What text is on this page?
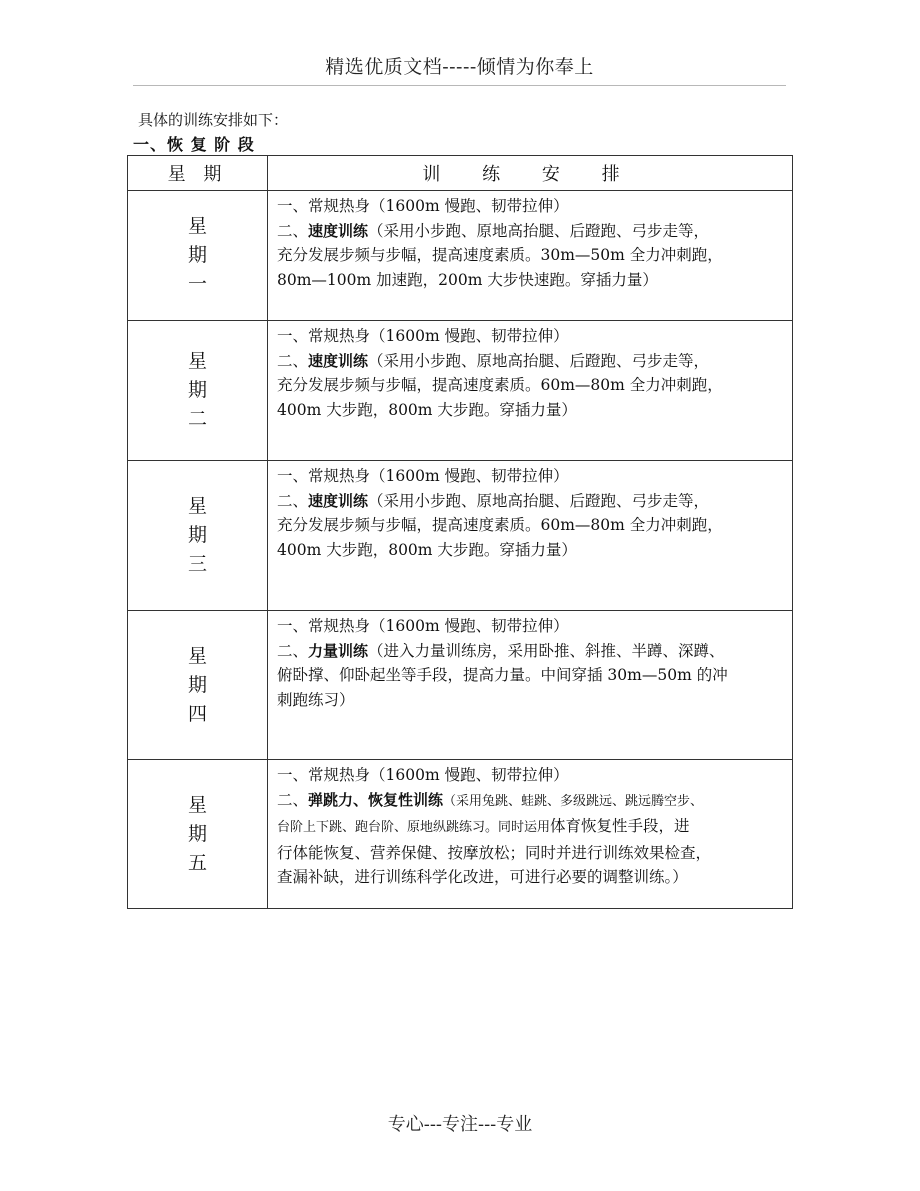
精选优质文档-----倾情为你奉上
具体的训练安排如下：
一、恢 复 阶 段
星 期	训 练 安 排

星
期
一	一、常规热身（1600m 慢跑、韧带拉伸）
二、速度训练（采用小步跑、原地高抬腿、后蹬跑、弓步走等，
充分发展步频与步幅，提高速度素质。30m—50m 全力冲刺跑，
80m—100m 加速跑，200m 大步快速跑。穿插力量）

星
期
二	一、常规热身（1600m 慢跑、韧带拉伸）
二、速度训练（采用小步跑、原地高抬腿、后蹬跑、弓步走等，
充分发展步频与步幅，提高速度素质。60m—80m 全力冲刺跑，
400m 大步跑，800m 大步跑。穿插力量）

星
期
三	一、常规热身（1600m 慢跑、韧带拉伸）
二、速度训练（采用小步跑、原地高抬腿、后蹬跑、弓步走等，
充分发展步频与步幅，提高速度素质。60m—80m 全力冲刺跑，
400m 大步跑，800m 大步跑。穿插力量）

星
期
四	一、常规热身（1600m 慢跑、韧带拉伸）
二、力量训练（进入力量训练房，采用卧推、斜推、半蹲、深蹲、
俯卧撑、仰卧起坐等手段，提高力量。中间穿插 30m—50m 的冲
刺跑练习）

星
期
五	一、常规热身（1600m 慢跑、韧带拉伸）
二、弹跳力、恢复性训练（采用兔跳、蛙跳、多级跳远、跳远腾空步、
台阶上下跳、跑台阶、原地纵跳练习。同时运用体育恢复性手段，进
行体能恢复、营养保健、按摩放松；同时并进行训练效果检查，
查漏补缺，进行训练科学化改进，可进行必要的调整训练。）
专心---专注---专业
